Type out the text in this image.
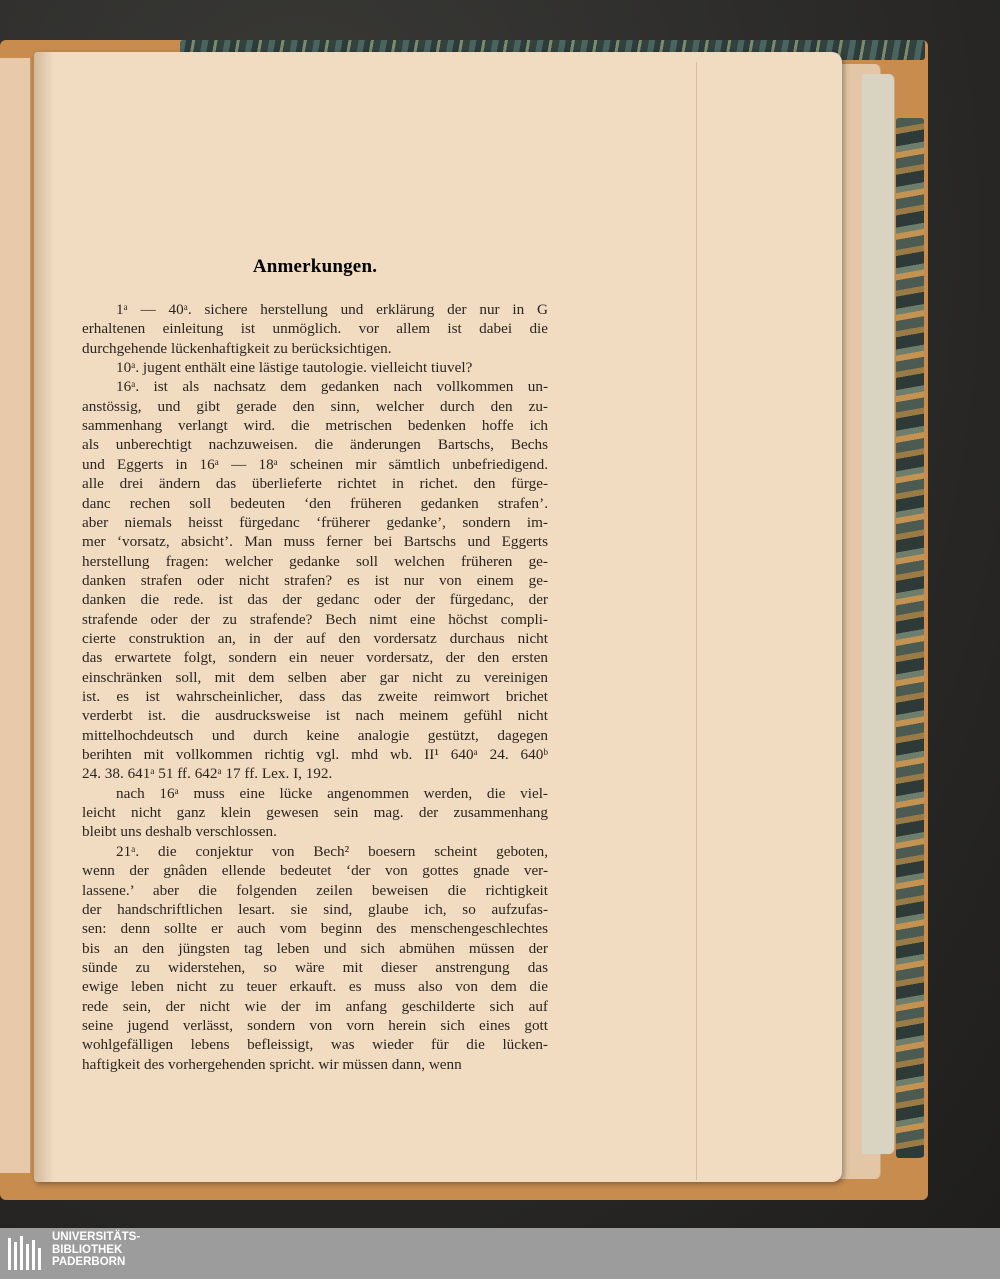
Anmerkungen.
1ᵃ — 40ᵃ. sichere herstellung und erklärung der nur in G
erhaltenen einleitung ist unmöglich. vor allem ist dabei die
durchgehende lückenhaftigkeit zu berücksichtigen.
10ᵃ. jugent enthält eine lästige tautologie. vielleicht tiuvel?
16ᵃ. ist als nachsatz dem gedanken nach vollkommen un-
anstössig, und gibt gerade den sinn, welcher durch den zu-
sammenhang verlangt wird. die metrischen bedenken hoffe ich
als unberechtigt nachzuweisen. die änderungen Bartschs, Bechs
und Eggerts in 16ᵃ — 18ᵃ scheinen mir sämtlich unbefriedigend.
alle drei ändern das überlieferte richtet in richet. den fürge-
danc rechen soll bedeuten ‘den früheren gedanken strafen’.
aber niemals heisst fürgedanc ‘früherer gedanke’, sondern im-
mer ‘vorsatz, absicht’. Man muss ferner bei Bartschs und Eggerts
herstellung fragen: welcher gedanke soll welchen früheren ge-
danken strafen oder nicht strafen? es ist nur von einem ge-
danken die rede. ist das der gedanc oder der fürgedanc, der
strafende oder der zu strafende? Bech nimt eine höchst compli-
cierte construktion an, in der auf den vordersatz durchaus nicht
das erwartete folgt, sondern ein neuer vordersatz, der den ersten
einschränken soll, mit dem selben aber gar nicht zu vereinigen
ist. es ist wahrscheinlicher, dass das zweite reimwort brichet
verderbt ist. die ausdrucksweise ist nach meinem gefühl nicht
mittelhochdeutsch und durch keine analogie gestützt, dagegen
berihten mit vollkommen richtig vgl. mhd wb. II¹ 640ᵃ 24. 640ᵇ
24. 38. 641ᵃ 51 ff. 642ᵃ 17 ff. Lex. I, 192.
nach 16ᵃ muss eine lücke angenommen werden, die viel-
leicht nicht ganz klein gewesen sein mag. der zusammenhang
bleibt uns deshalb verschlossen.
21ᵃ. die conjektur von Bech² boesern scheint geboten,
wenn der gnâden ellende bedeutet ‘der von gottes gnade ver-
lassene.’ aber die folgenden zeilen beweisen die richtigkeit
der handschriftlichen lesart. sie sind, glaube ich, so aufzufas-
sen: denn sollte er auch vom beginn des menschengeschlechtes
bis an den jüngsten tag leben und sich abmühen müssen der
sünde zu widerstehen, so wäre mit dieser anstrengung das
ewige leben nicht zu teuer erkauft. es muss also von dem die
rede sein, der nicht wie der im anfang geschilderte sich auf
seine jugend verlässt, sondern von vorn herein sich eines gott
wohlgefälligen lebens befleissigt, was wieder für die lücken-
haftigkeit des vorhergehenden spricht. wir müssen dann, wenn
UNIVERSITÄTS-
BIBLIOTHEK
PADERBORN
